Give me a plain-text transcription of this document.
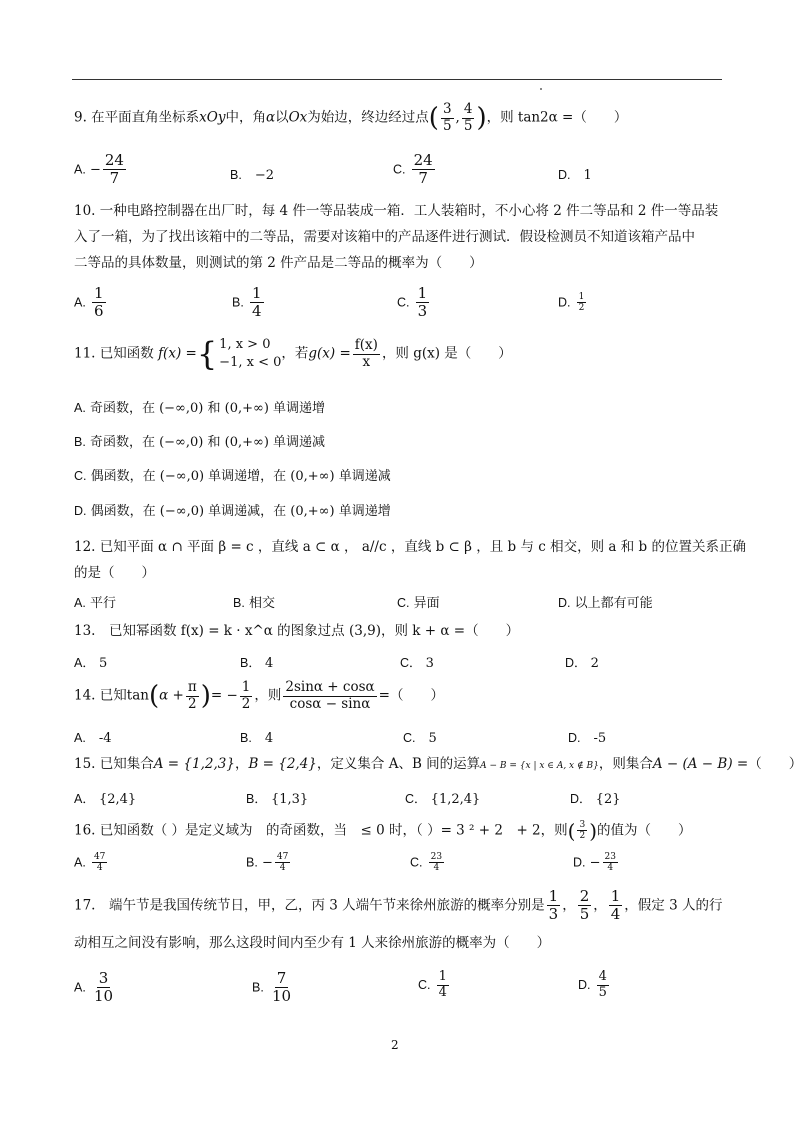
9. 在平面直角坐标系xOy中，角α以Ox为始边，终边经过点( $\frac{3}{5}$ , $\frac{4}{5}$ )，则 tan2α =（　　）
A. − $\frac{24}{7}$	B.　 −2	C. $\frac{24}{7}$	D.　 1
10. 一种电路控制器在出厂时，每 4 件一等品装成一箱．工人装箱时，不小心将 2 件二等品和 2 件一等品装
入了一箱，为了找出该箱中的二等品，需要对该箱中的产品逐件进行测试．假设检测员不知道该箱产品中
二等品的具体数量，则测试的第 2 件产品是二等品的概率为（　　）
A. $\frac{1}{6}$	B. $\frac{1}{4}$	C. $\frac{1}{3}$	D. $\frac{1}{2}$
11. 已知函数 f(x) ={ 1, x > 0
−1, x < 0
，若$g(x) = \frac{f(x)}{x}$ ，则 g(x) 是（　　）
A. 奇函数，在 (−∞,0) 和 (0,+∞) 单调递增
B. 奇函数，在 (−∞,0) 和 (0,+∞) 单调递减
C. 偶函数，在 (−∞,0) 单调递增，在 (0,+∞) 单调递减
D. 偶函数，在 (−∞,0) 单调递减，在 (0,+∞) 单调递增
12. 已知平面 α ∩ 平面 β = c ，直线 a ⊂ α ， a//c ，直线 b ⊂ β ，且 b 与 c 相交，则 a 和 b 的位置关系正确
的是（　　）
A. 平行	B. 相交	C. 异面	D. 以上都有可能
13.　已知幂函数 f(x) = k · x^α 的图象过点 (3,9)，则 k + α =（　　）
A． 5	B． 4	C． 3	D． 2
14. 已知$\tan(\alpha + \frac{\pi}{2}$ )= − $\frac{1}{2}$ ，则 $\frac{2\sin\alpha + \cos\alpha}{\cos\alpha - \sin\alpha}$ =（　　）
A.　 -4	B.　 4	C.　 5	D.　 -5
15. 已知集合A = {1,2,3}，B = {2,4}，定义集合 A、B 间的运算A − B = {x | x ∈ A, x ∉ B}，则集合A − (A − B) =（　　）
A． {2,4}	B． {1,3}	C． {1,2,4}	D． {2}
16. 已知函数（ ）是定义域为　的奇函数，当　≤ 0 时，（ ）= 3 ² + 2　+ 2，则( $\frac{3}{2}$ )的值为（　　）
A. $\frac{47}{4}$	B. − $\frac{47}{4}$	C. $\frac{23}{4}$	D. − $\frac{23}{4}$
17.　端午节是我国传统节日，甲，乙，丙 3 人端午节来徐州旅游的概率分别是 $\frac{1}{3}$ ， $\frac{2}{5}$ ， $\frac{1}{4}$ ，假定 3 人的行
动相互之间没有影响，那么这段时间内至少有 1 人来徐州旅游的概率为（　　）
A. $\frac{3}{10}$	B. $\frac{7}{10}$	C. $\frac{1}{4}$	D. $\frac{4}{5}$
2
